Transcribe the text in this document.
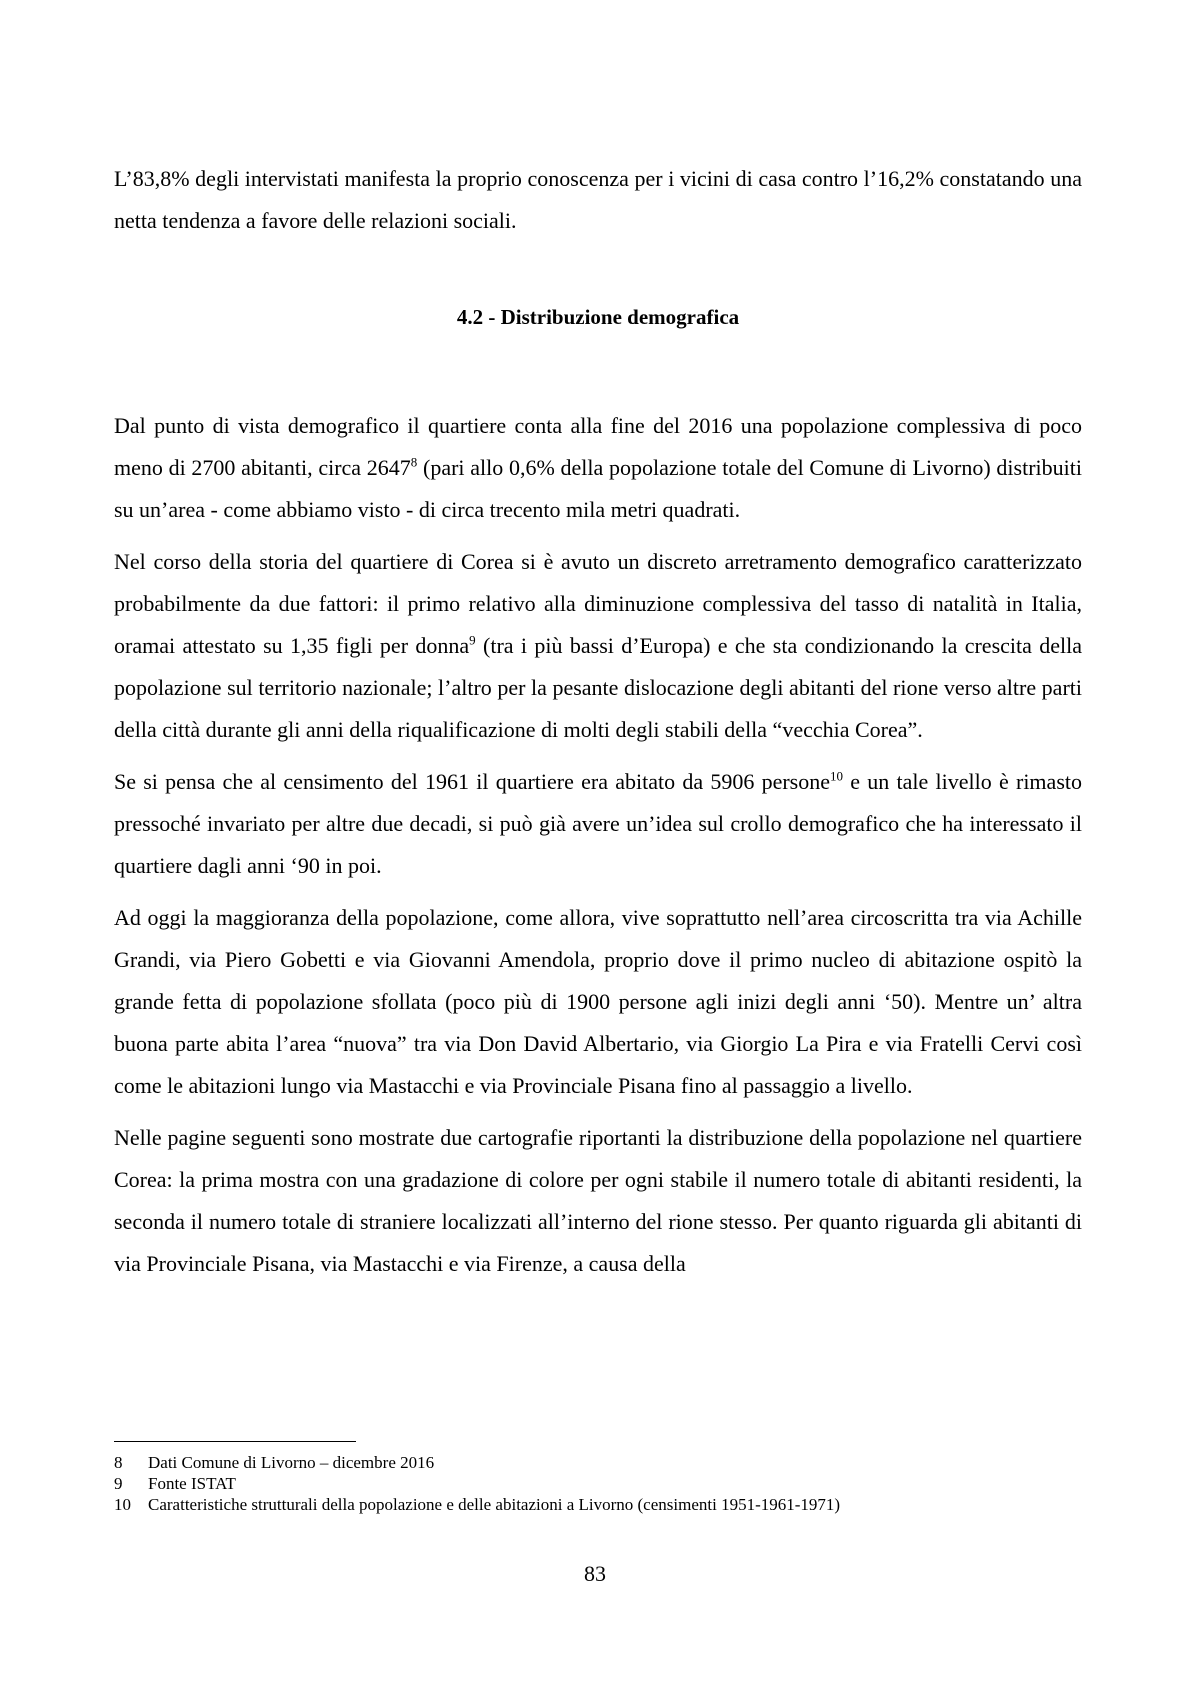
L’83,8% degli intervistati manifesta la proprio conoscenza per i vicini di casa contro l’16,2% constatando una netta tendenza a favore delle relazioni sociali.

4.2 - Distribuzione demografica

Dal punto di vista demografico il quartiere conta alla fine del 2016 una popolazione complessiva di poco meno di 2700 abitanti, circa 2647$^8$ (pari allo 0,6% della popolazione totale del Comune di Livorno) distribuiti su un’area - come abbiamo visto - di circa trecento mila metri quadrati.

Nel corso della storia del quartiere di Corea si è avuto un discreto arretramento demografico caratterizzato probabilmente da due fattori: il primo relativo alla diminuzione complessiva del tasso di natalità in Italia, oramai attestato su 1,35 figli per donna$^9$ (tra i più bassi d’Europa) e che sta condizionando la crescita della popolazione sul territorio nazionale; l’altro per la pesante dislocazione degli abitanti del rione verso altre parti della città durante gli anni della riqualificazione di molti degli stabili della “vecchia Corea”.

Se si pensa che al censimento del 1961 il quartiere era abitato da 5906 persone$^{10}$ e un tale livello è rimasto pressoché invariato per altre due decadi, si può già avere un’idea sul crollo demografico che ha interessato il quartiere dagli anni ‘90 in poi.

Ad oggi la maggioranza della popolazione, come allora, vive soprattutto nell’area circoscritta tra via Achille Grandi, via Piero Gobetti e via Giovanni Amendola, proprio dove il primo nucleo di abitazione ospitò la grande fetta di popolazione sfollata (poco più di 1900 persone agli inizi degli anni ‘50). Mentre un’ altra buona parte abita l’area “nuova” tra via Don David Albertario, via Giorgio La Pira e via Fratelli Cervi così come le abitazioni lungo via Mastacchi e via Provinciale Pisana fino al passaggio a livello.

Nelle pagine seguenti sono mostrate due cartografie riportanti la distribuzione della popolazione nel quartiere Corea: la prima mostra con una gradazione di colore per ogni stabile il numero totale di abitanti residenti, la seconda il numero totale di straniere localizzati all’interno del rione stesso. Per quanto riguarda gli abitanti di via Provinciale Pisana, via Mastacchi e via Firenze, a causa della

8	Dati Comune di Livorno – dicembre 2016
9	Fonte ISTAT
10	Caratteristiche strutturali della popolazione e delle abitazioni a Livorno (censimenti 1951-1961-1971)
83
